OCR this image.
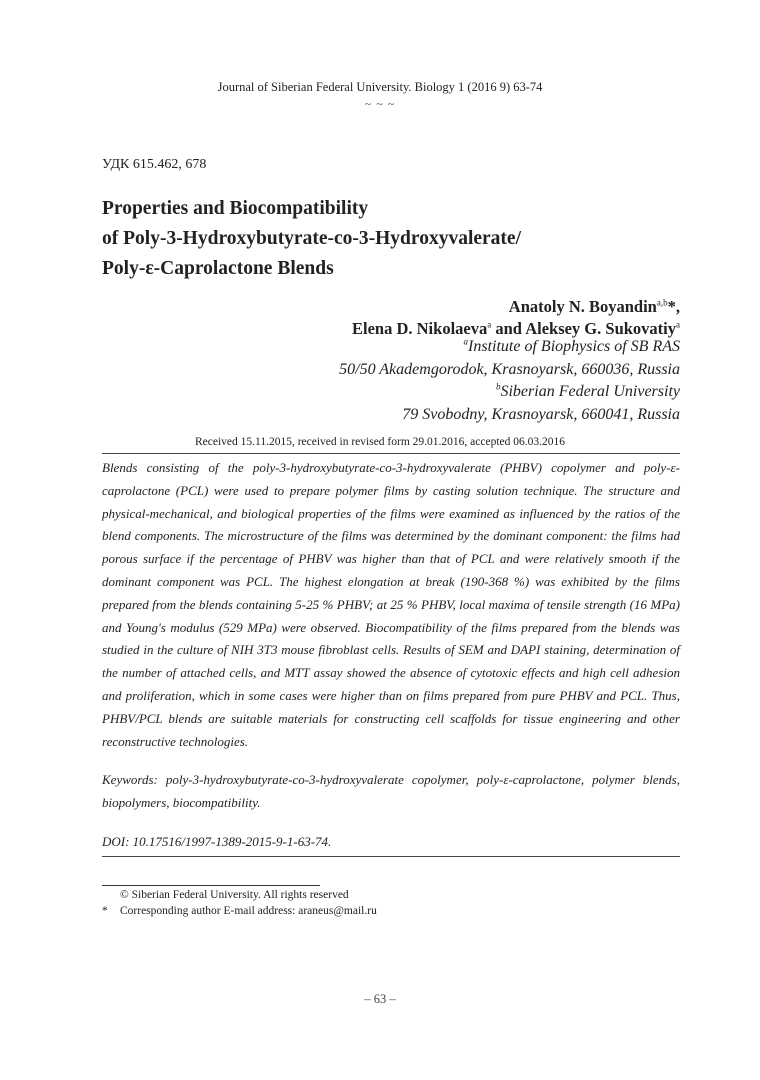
Journal of Siberian Federal University. Biology 1 (2016 9) 63-74
~ ~ ~
УДК 615.462, 678
Properties and Biocompatibility
of Poly-3-Hydroxybutyrate-co-3-Hydroxyvalerate/
Poly-ε-Caprolactone Blends
Anatoly N. Boyandin$^{a,b}$*,
Elena D. Nikolaeva$^a$ and Aleksey G. Sukovatiy$^a$
$^a$Institute of Biophysics of SB RAS
50/50 Akademgorodok, Krasnoyarsk, 660036, Russia
$^b$Siberian Federal University
79 Svobodny, Krasnoyarsk, 660041, Russia
Received 15.11.2015, received in revised form 29.01.2016, accepted 06.03.2016
Blends consisting of the poly-3-hydroxybutyrate-co-3-hydroxyvalerate (PHBV) copolymer and poly-ε-caprolactone (PCL) were used to prepare polymer films by casting solution technique. The structure and physical-mechanical, and biological properties of the films were examined as influenced by the ratios of the blend components. The microstructure of the films was determined by the dominant component: the films had porous surface if the percentage of PHBV was higher than that of PCL and were relatively smooth if the dominant component was PCL. The highest elongation at break (190-368 %) was exhibited by the films prepared from the blends containing 5-25 % PHBV; at 25 % PHBV, local maxima of tensile strength (16 MPa) and Young's modulus (529 MPa) were observed. Biocompatibility of the films prepared from the blends was studied in the culture of NIH 3T3 mouse fibroblast cells. Results of SEM and DAPI staining, determination of the number of attached cells, and MTT assay showed the absence of cytotoxic effects and high cell adhesion and proliferation, which in some cases were higher than on films prepared from pure PHBV and PCL. Thus, PHBV/PCL blends are suitable materials for constructing cell scaffolds for tissue engineering and other reconstructive technologies.
Keywords: poly-3-hydroxybutyrate-co-3-hydroxyvalerate copolymer, poly-ε-caprolactone, polymer blends, biopolymers, biocompatibility.
DOI: 10.17516/1997-1389-2015-9-1-63-74.
© Siberian Federal University. All rights reserved
* Corresponding author E-mail address: araneus@mail.ru
– 63 –
